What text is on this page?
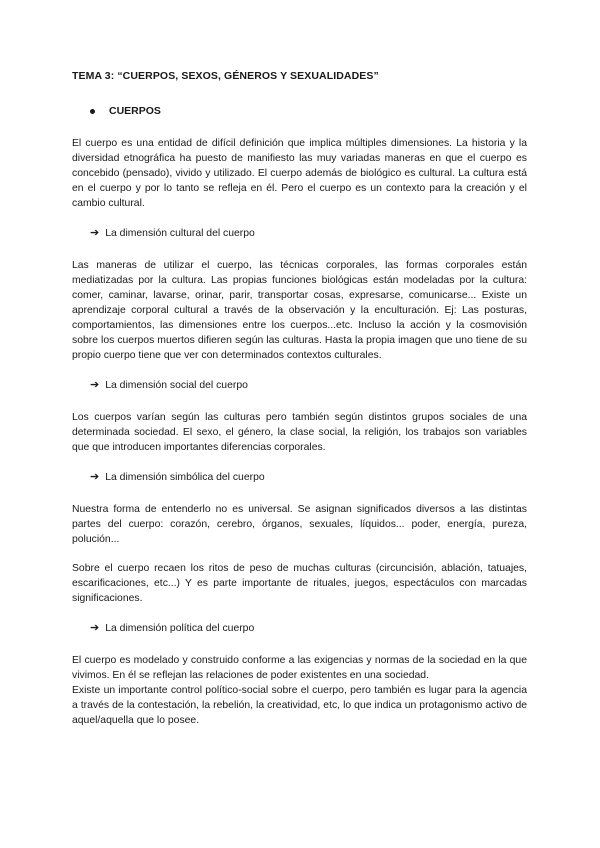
TEMA 3: “CUERPOS, SEXOS, GÉNEROS Y SEXUALIDADES”
CUERPOS

El cuerpo es una entidad de difícil definición que implica múltiples dimensiones. La historia y la diversidad etnográfica ha puesto de manifiesto las muy variadas maneras en que el cuerpo es concebido (pensado), vivido y utilizado. El cuerpo además de biológico es cultural. La cultura está en el cuerpo y por lo tanto se refleja en él. Pero el cuerpo es un contexto para la creación y el cambio cultural.

➔ La dimensión cultural del cuerpo

Las maneras de utilizar el cuerpo, las técnicas corporales, las formas corporales están mediatizadas por la cultura. Las propias funciones biológicas están modeladas por la cultura: comer, caminar, lavarse, orinar, parir, transportar cosas, expresarse, comunicarse... Existe un aprendizaje corporal cultural a través de la observación y la enculturación. Ej: Las posturas, comportamientos, las dimensiones entre los cuerpos...etc. Incluso la acción y la cosmovisión sobre los cuerpos muertos difieren según las culturas. Hasta la propia imagen que uno tiene de su propio cuerpo tiene que ver con determinados contextos culturales.

➔ La dimensión social del cuerpo

Los cuerpos varían según las culturas pero también según distintos grupos sociales de una determinada sociedad. El sexo, el género, la clase social, la religión, los trabajos son variables que que introducen importantes diferencias corporales.

➔ La dimensión simbólica del cuerpo

Nuestra forma de entenderlo no es universal. Se asignan significados diversos a las distintas partes del cuerpo: corazón, cerebro, órganos, sexuales, líquidos... poder, energía, pureza, polución...

Sobre el cuerpo recaen los ritos de peso de muchas culturas (circuncisión, ablación, tatuajes, escarificaciones, etc...) Y es parte importante de rituales, juegos, espectáculos con marcadas significaciones.

➔ La dimensión política del cuerpo

El cuerpo es modelado y construido conforme a las exigencias y normas de la sociedad en la que vivimos. En él se reflejan las relaciones de poder existentes en una sociedad.

Existe un importante control político-social sobre el cuerpo, pero también es lugar para la agencia a través de la contestación, la rebelión, la creatividad, etc, lo que indica un protagonismo activo de aquel/aquella que lo posee.
